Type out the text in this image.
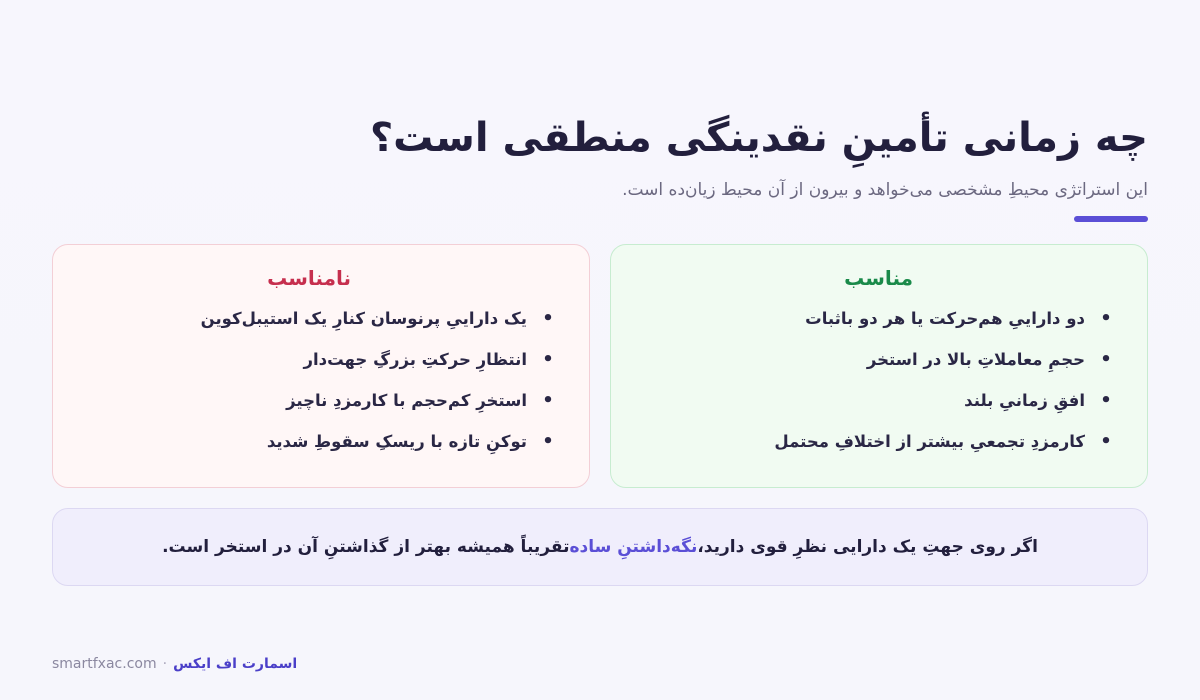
چه زمانی تأمینِ نقدینگی منطقی است؟

این استراتژی محیطِ مشخصی می‌خواهد و بیرون از آن محیط زیان‌ده است.

مناسب
•
دو داراییِ هم‌حرکت یا هر دو باثبات
•
حجمِ معاملاتِ بالا در استخر
•
افقِ زمانیِ بلند
•
کارمزدِ تجمعیِ بیشتر از اختلافِ محتمل
نامناسب
•
یک داراییِ پرنوسان کنارِ یک استیبل‌کوین
•
انتظارِ حرکتِ بزرگِ جهت‌دار
•
استخرِ کم‌حجم با کارمزدِ ناچیز
•
توکنِ تازه با ریسکِ سقوطِ شدید
اگر روی جهتِ یک دارایی نظرِ قوی دارید،
نگه‌داشتنِ ساده
تقریباً همیشه بهتر از گذاشتنِ آن در استخر است.
smartfxac.com · اسمارت اف ایکس
